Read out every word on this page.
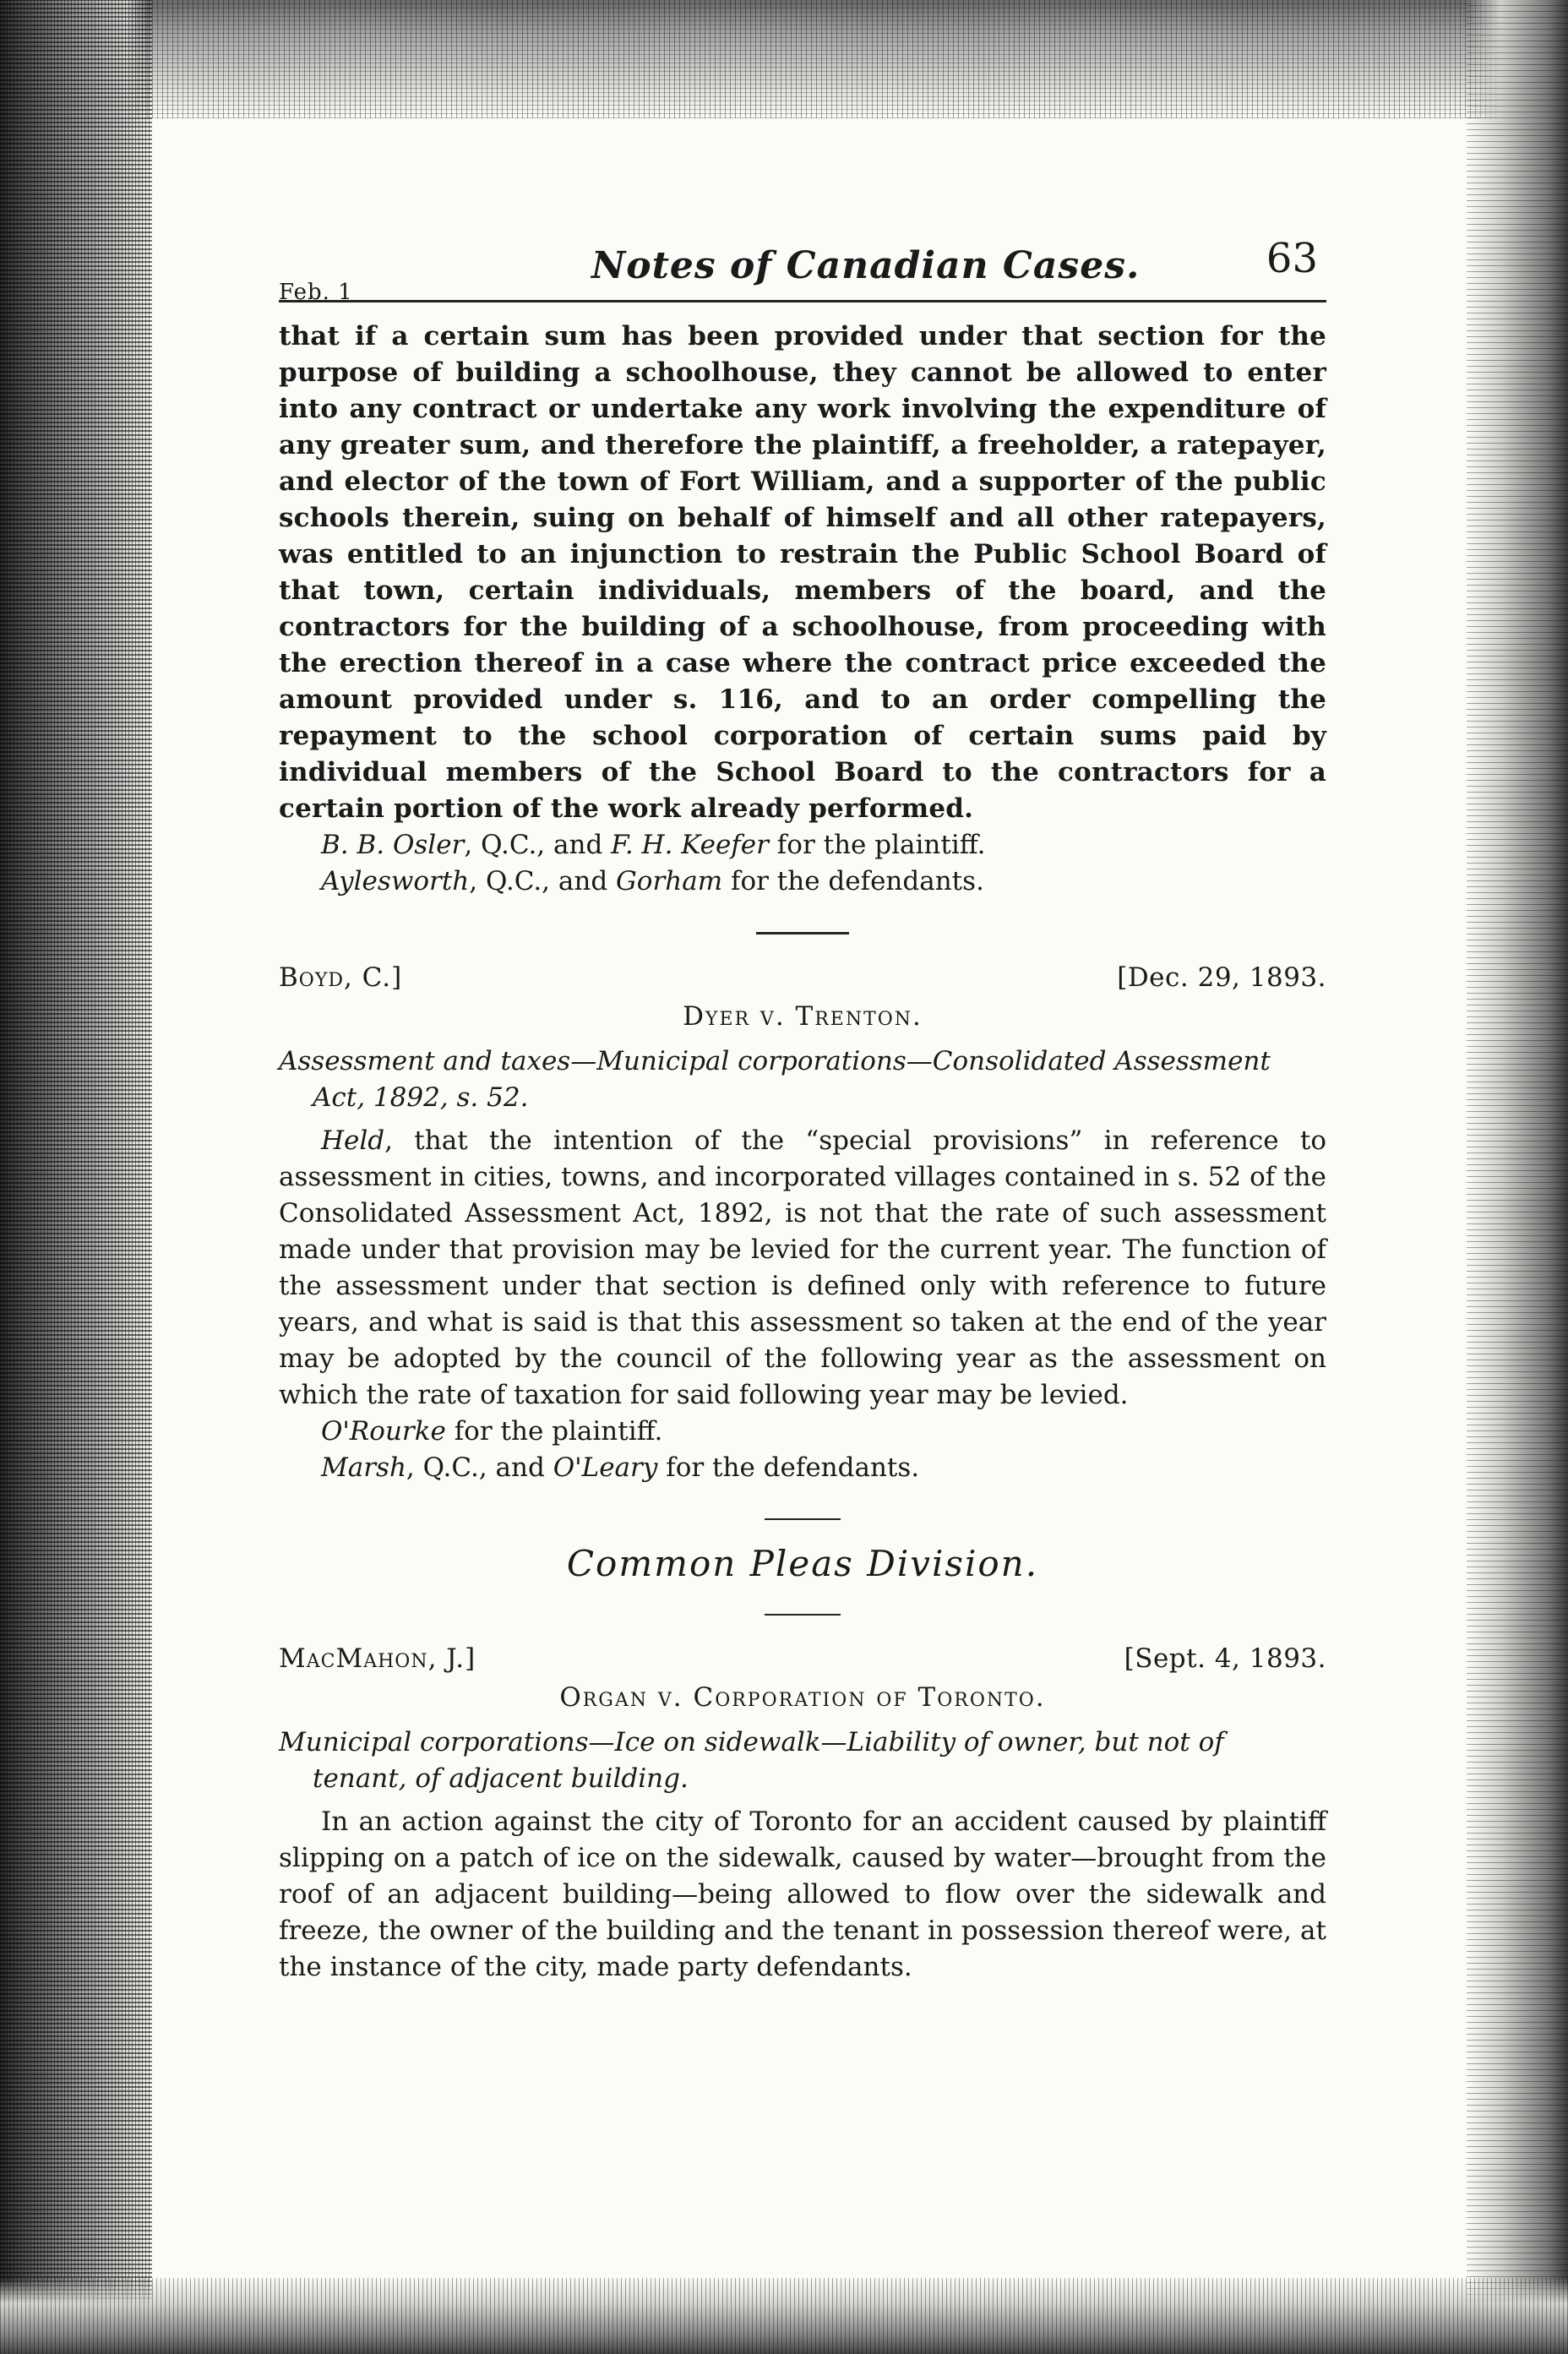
Feb. 1
Notes of Canadian Cases.	63

that if a certain sum has been provided under that section for the purpose of building a schoolhouse, they cannot be allowed to enter into any contract or undertake any work involving the expenditure of any greater sum, and therefore the plaintiff, a freeholder, a ratepayer, and elector of the town of Fort William, and a supporter of the public schools therein, suing on behalf of himself and all other ratepayers, was entitled to an injunction to restrain the Public School Board of that town, certain individuals, members of the board, and the contractors for the building of a schoolhouse, from proceeding with the erection thereof in a case where the contract price exceeded the amount provided under s. 116, and to an order compelling the repayment to the school corporation of certain sums paid by individual members of the School Board to the contractors for a certain portion of the work already performed.

B. B. Osler, Q.C., and F. H. Keefer for the plaintiff.

Aylesworth, Q.C., and Gorham for the defendants.

Boyd, C.]	[Dec. 29, 1893.

Dyer v. Trenton.

Assessment and taxes—Municipal corporations—Consolidated Assessment Act, 1892, s. 52.

Held, that the intention of the “special provisions” in reference to assessment in cities, towns, and incorporated villages contained in s. 52 of the Consolidated Assessment Act, 1892, is not that the rate of such assessment made under that provision may be levied for the current year. The function of the assessment under that section is defined only with reference to future years, and what is said is that this assessment so taken at the end of the year may be adopted by the council of the following year as the assessment on which the rate of taxation for said following year may be levied.

O'Rourke for the plaintiff.

Marsh, Q.C., and O'Leary for the defendants.

Common Pleas Division.

MacMahon, J.]	[Sept. 4, 1893.

Organ v. Corporation of Toronto.

Municipal corporations—Ice on sidewalk—Liability of owner, but not of tenant, of adjacent building.

In an action against the city of Toronto for an accident caused by plaintiff slipping on a patch of ice on the sidewalk, caused by water—brought from the roof of an adjacent building—being allowed to flow over the sidewalk and freeze, the owner of the building and the tenant in possession thereof were, at the instance of the city, made party defendants.
